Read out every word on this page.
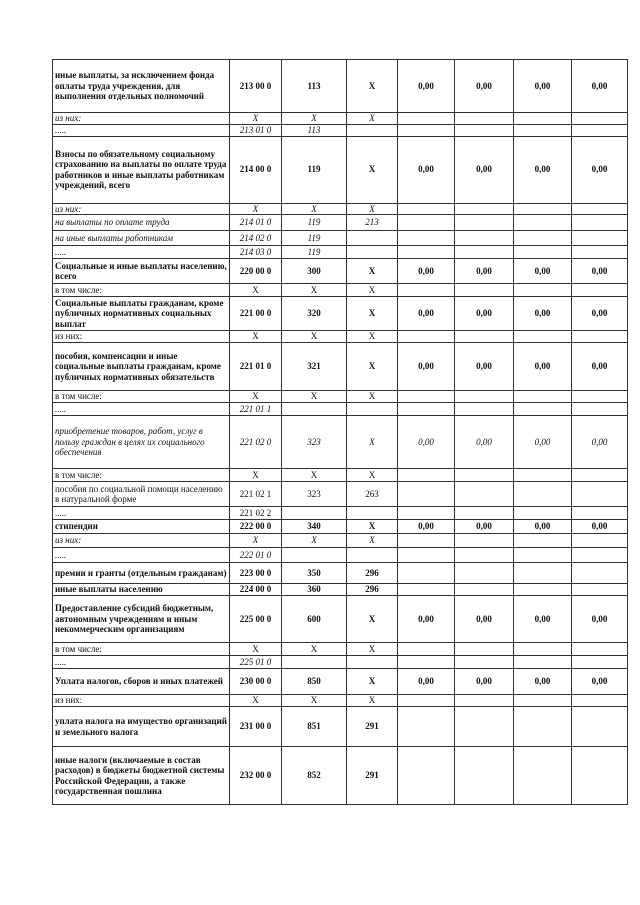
иные выплаты, за исключением фонда оплаты труда учреждения, для выполнения отдельных полномочий	213 00 0	113	X	0,00	0,00	0,00	0,00
из них:	X	X	X				
.....	213 01 0	113					
Взносы по обязательному социальному страхованию на выплаты по оплате труда работников и иные выплаты работникам учреждений, всего	214 00 0	119	X	0,00	0,00	0,00	0,00
из них:	X	X	X				
на выплаты по оплате труда	214 01 0	119	213				
на иные выплаты работникам	214 02 0	119					
.....	214 03 0	119					
Социальные и иные выплаты населению, всего	220 00 0	300	X	0,00	0,00	0,00	0,00
в том числе:	X	X	X				
Социальные выплаты гражданам, кроме публичных нормативных социальных выплат	221 00 0	320	X	0,00	0,00	0,00	0,00
из них:	X	X	X				
пособия, компенсации и иные социальные выплаты гражданам, кроме публичных нормативных обязательств	221 01 0	321	X	0,00	0,00	0,00	0,00
в том числе:	X	X	X				
.....	221 01 1						
приобретение товаров, работ, услуг в пользу граждан в целях их социального обеспечения	221 02 0	323	X	0,00	0,00	0,00	0,00
в том числе:	X	X	X				
пособия по социальной помощи населению в натуральной форме	221 02 1	323	263				
.....	221 02 2						
стипендии	222 00 0	340	X	0,00	0,00	0,00	0,00
из них:	X	X	X				
.....	222 01 0						
премии и гранты (отдельным гражданам)	223 00 0	350	296				
иные выплаты населению	224 00 0	360	296				
Предоставление субсидий бюджетным, автономным учреждениям и иным некоммерческим организациям	225 00 0	600	X	0,00	0,00	0,00	0,00
в том числе:	X	X	X				
.....	225 01 0						
Уплата налогов, сборов и иных платежей	230 00 0	850	X	0,00	0,00	0,00	0,00
из них:	X	X	X				
уплата налога на имущество организаций и земельного налога	231 00 0	851	291				
иные налоги (включаемые в состав расходов) в бюджеты бюджетной системы Российской Федерации, а также государственная пошлина	232 00 0	852	291				
